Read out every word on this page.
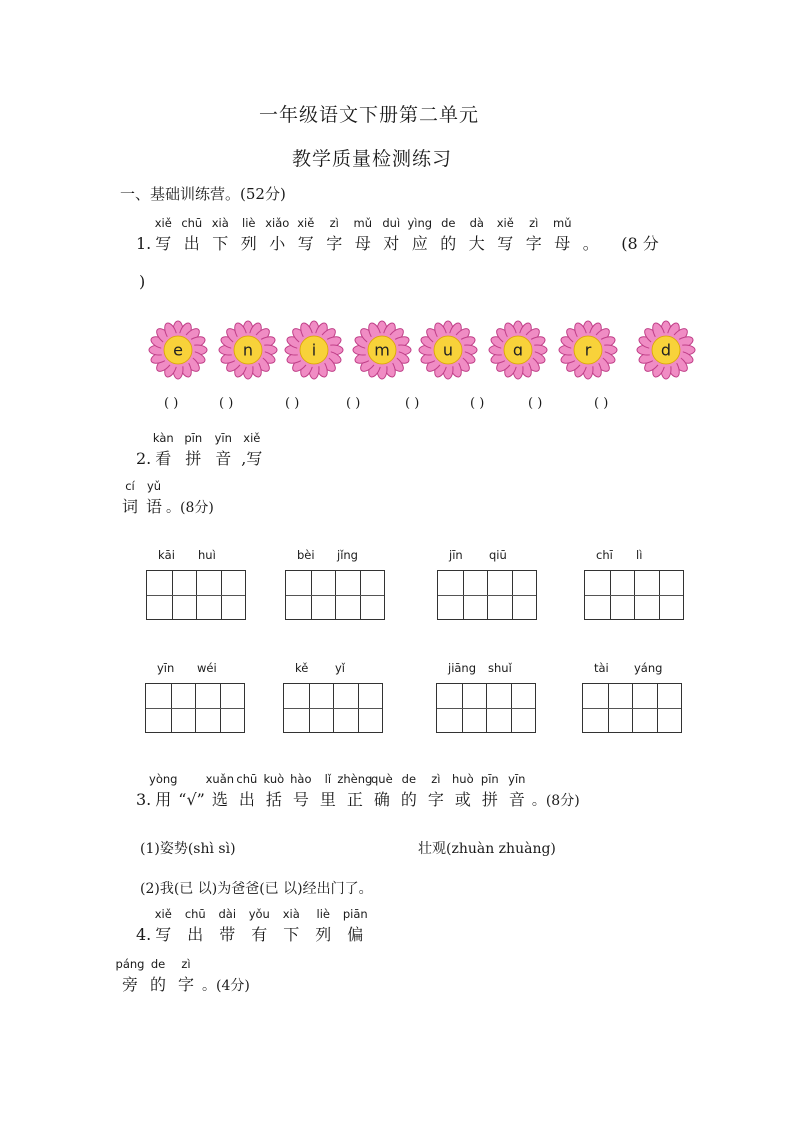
一年级语文下册第二单元
教学质量检测练习
一、基础训练营。(52分)
1. 写
xiě
出
chū
下
xià
列
liè
小
xiǎo
写
xiě
字
zì
母
mǔ
对
duì
应
yìng
的
de
大
dà
写
xiě
字
zì
母
mǔ
。 (8 分
)
e	n	i	m	u	ɑ	r	d
( )	( )	( )	( )	( )	( )	( )	( )
2. 看
kàn
拼
pīn
音
yīn
,写
xiě
词
cí
语
yǔ
。(8分)
kāi huì	bèi jǐng	jīn qiū	chī lì
yīn wéi	kě yǐ	jiāng shuǐ	tài yáng
3. 用
yòng
“√” 选
xuǎn
出
chū
括
kuò
号
hào
里
lǐ
正
zhèng
确
què
的
de
字
zì
或
huò
拼
pīn
音
yīn
。(8分)
(1)姿势(shì sì)	壮观(zhuàn zhuàng)
(2)我(已 以)为爸爸(已 以)经出门了。
4. 写
xiě
出
chū
带
dài
有
yǒu
下
xià
列
liè
偏
piān
旁
páng
的
de
字
zì
。(4分)
